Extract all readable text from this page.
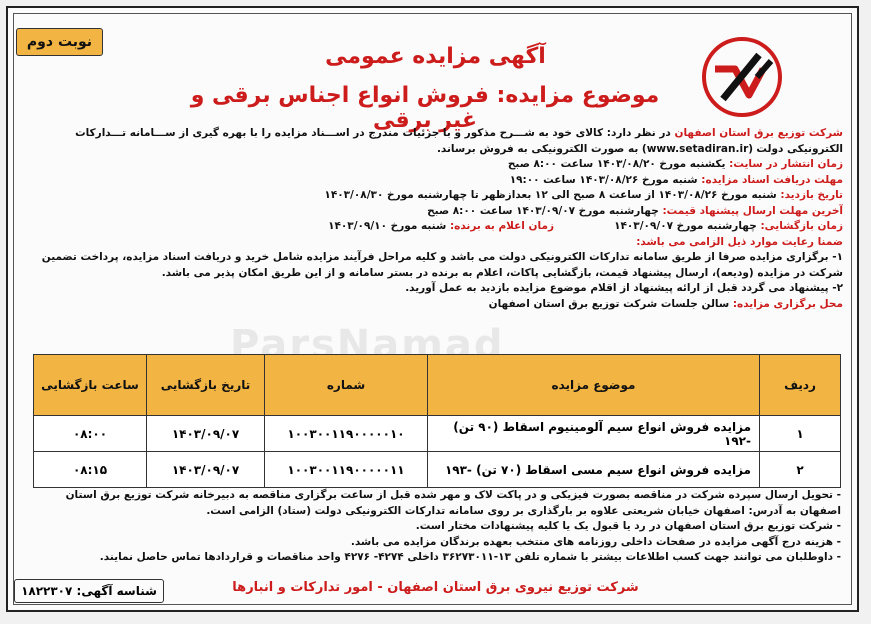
نوبت دوم
آگهی مزایده عمومی
موضوع مزایده: فروش انواع اجناس برقی و غیر برقی	شرکت توزیع برق استان اصفهان در نظر دارد: کالای خود به شـــرح مذکور و با جزئیات مندرج در اســـناد مزایده را با بهره گیری از ســـامانه تـــدارکات الکترونیکی دولت (www.setadiran.ir) به صورت الکترونیکی به فروش برساند.
زمان انتشار در سایت: یکشنبه مورخ ۱۴۰۳/۰۸/۲۰ ساعت ۸:۰۰ صبح
مهلت دریافت اسناد مزایده: شنبه مورخ ۱۴۰۳/۰۸/۲۶ ساعت ۱۹:۰۰
تاریخ بازدید: شنبه مورخ ۱۴۰۳/۰۸/۲۶ از ساعت ۸ صبح الی ۱۲ بعدازظهر تا چهارشنبه مورخ ۱۴۰۳/۰۸/۳۰
آخرین مهلت ارسال پیشنهاد قیمت: چهارشنبه مورخ ۱۴۰۳/۰۹/۰۷ ساعت ۸:۰۰ صبح
زمان بازگشایی: چهارشنبه مورخ ۱۴۰۳/۰۹/۰۷                  زمان اعلام به برنده: شنبه مورخ ۱۴۰۳/۰۹/۱۰
ضمنا رعایت موارد ذیل الزامی می باشد:
۱- برگزاری مزایده صرفا از طریق سامانه تدارکات الکترونیکی دولت می باشد و کلیه مراحل فرآیند مزایده شامل خرید و دریافت اسناد مزایده، پرداخت تضمین شرکت در مزایده (ودیعه)، ارسال پیشنهاد قیمت، بازگشایی پاکات، اعلام به برنده در بستر سامانه و از این طریق امکان پذیر می باشد.
۲- پیشنهاد می گردد قبل از ارائه پیشنهاد از اقلام موضوع مزایده بازدید به عمل آورید.
محل برگزاری مزایده: سالن جلسات شرکت توزیع برق استان اصفهان
ردیف	موضوع مزایده	شماره	تاریخ بازگشایی	ساعت بازگشایی
۱	مزایده فروش انواع سیم آلومینیوم اسقاط (۹۰ تن) -۱۹۲	۱۰۰۳۰۰۱۱۹۰۰۰۰۰۱۰	۱۴۰۳/۰۹/۰۷	۰۸:۰۰
۲	مزایده فروش انواع سیم مسی اسقاط (۷۰ تن) -۱۹۳	۱۰۰۳۰۰۱۱۹۰۰۰۰۰۱۱	۱۴۰۳/۰۹/۰۷	۰۸:۱۵
- تحویل ارسال سپرده شرکت در مناقصه بصورت فیزیکی و در پاکت لاک و مهر شده قبل از ساعت برگزاری مناقصه به دبیرخانه شرکت توزیع برق استان اصفهان به آدرس: اصفهان خیابان شریعتی علاوه بر بارگذاری بر روی سامانه تدارکات الکترونیکی دولت (ستاد) الزامی است.
- شرکت توزیع برق استان اصفهان در رد یا قبول یک یا کلیه پیشنهادات مختار است.
- هزینه درج آگهی مزایده در صفحات داخلی روزنامه های منتخب بعهده برندگان مزایده می باشد.
- داوطلبان می توانند جهت کسب اطلاعات بیشتر با شماره تلفن ۱۳-۳۶۲۷۳۰۱۱ داخلی ۴۲۷۴- ۴۲۷۶ واحد مناقصات و قراردادها تماس حاصل نمایند.
شناسه آگهی: ۱۸۲۲۳۰۷	شرکت توزیع نیروی برق استان اصفهان - امور تدارکات و انبارها
